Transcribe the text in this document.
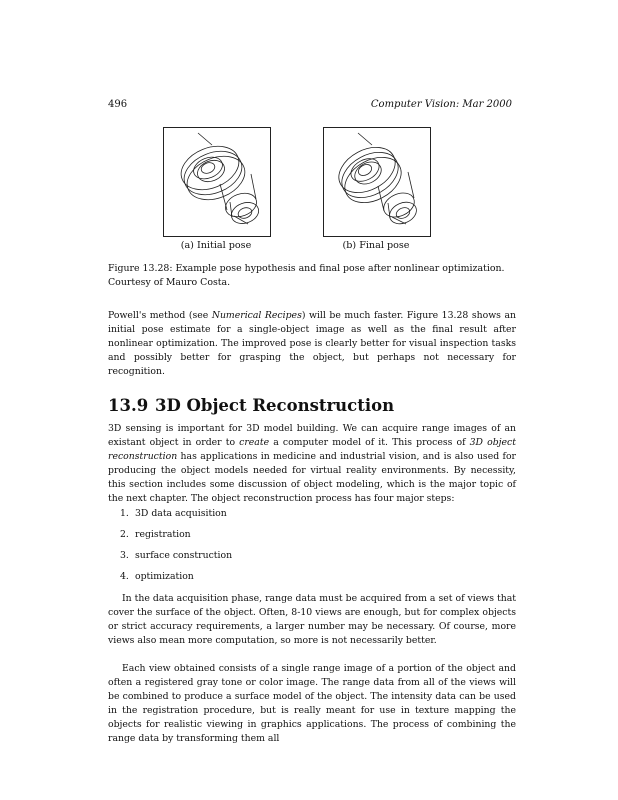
496	Computer Vision: Mar 2000
(a) Initial pose	(b) Final pose
Figure 13.28: Example pose hypothesis and final pose after nonlinear optimization. Courtesy of Mauro Costa.
Powell's method (see Numerical Recipes) will be much faster. Figure 13.28 shows an initial pose estimate for a single-object image as well as the final result after nonlinear optimization. The improved pose is clearly better for visual inspection tasks and possibly better for grasping the object, but perhaps not necessary for recognition.
13.9 3D Object Reconstruction
3D sensing is important for 3D model building. We can acquire range images of an existant object in order to create a computer model of it. This process of 3D object reconstruction has applications in medicine and industrial vision, and is also used for producing the object models needed for virtual reality environments. By necessity, this section includes some discussion of object modeling, which is the major topic of the next chapter. The object reconstruction process has four major steps:
1. 3D data acquisition
2. registration
3. surface construction
4. optimization
In the data acquisition phase, range data must be acquired from a set of views that cover the surface of the object. Often, 8-10 views are enough, but for complex objects or strict accuracy requirements, a larger number may be necessary. Of course, more views also mean more computation, so more is not necessarily better.
Each view obtained consists of a single range image of a portion of the object and often a registered gray tone or color image. The range data from all of the views will be combined to produce a surface model of the object. The intensity data can be used in the registration procedure, but is really meant for use in texture mapping the objects for realistic viewing in graphics applications. The process of combining the range data by transforming them all
